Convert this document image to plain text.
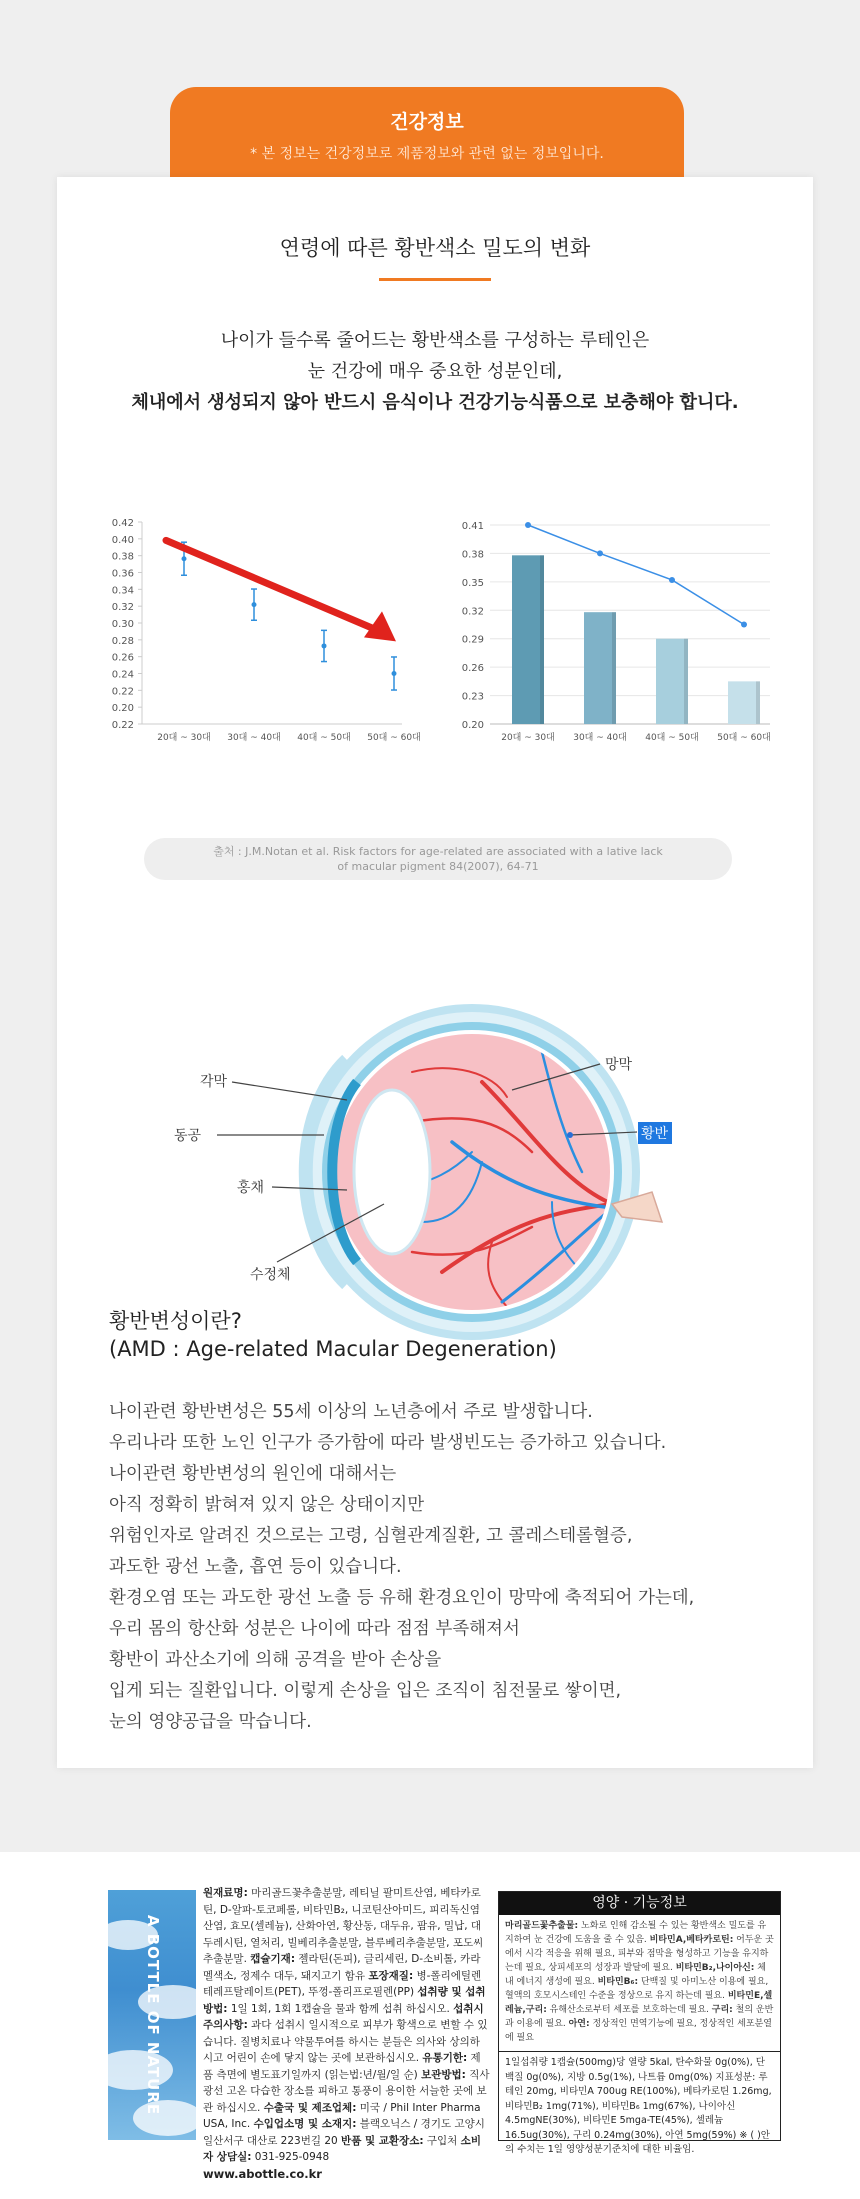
건강정보
* 본 정보는 건강정보로 제품정보와 관련 없는 정보입니다.
연령에 따른 황반색소 밀도의 변화
나이가 들수록 줄어드는 황반색소를 구성하는 루테인은
눈 건강에 매우 중요한 성분인데,
체내에서 생성되지 않아 반드시 음식이나 건강기능식품으로 보충해야 합니다.
0.42
0.40
0.38
0.36
0.34
0.32
0.30
0.28
0.26
0.24
0.22
0.20
0.22
20대 ~ 30대 30대 ~ 40대 40대 ~ 50대 50대 ~ 60대
0.41
0.38
0.35
0.32
0.29
0.26
0.23
0.20
20대 ~ 30대 30대 ~ 40대 40대 ~ 50대 50대 ~ 60대
출처 : J.M.Notan et al. Risk factors for age-related are associated with a lative lack
of macular pigment 84(2007), 64-71
각막
동공
홍채
수정체
망막
황반
황반변성이란?
(AMD : Age-related Macular Degeneration)
나이관련 황반변성은 55세 이상의 노년층에서 주로 발생합니다.
우리나라 또한 노인 인구가 증가함에 따라 발생빈도는 증가하고 있습니다.
나이관련 황반변성의 원인에 대해서는
아직 정확히 밝혀져 있지 않은 상태이지만
위험인자로 알려진 것으로는 고령, 심혈관계질환, 고 콜레스테롤혈증,
과도한 광선 노출, 흡연 등이 있습니다.
환경오염 또는 과도한 광선 노출 등 유해 환경요인이 망막에 축적되어 가는데,
우리 몸의 항산화 성분은 나이에 따라 점점 부족해져서
황반이 과산소기에 의해 공격을 받아 손상을
입게 되는 질환입니다. 이렇게 손상을 입은 조직이 침전물로 쌓이면,
눈의 영양공급을 막습니다.
A BOTTLE OF NATURE
원재료명: 마리골드꽃추출분말, 레티닐 팔미트산염, 베타카로틴, D-알파-토코페롤, 비타민B₂, 니코틴산아미드, 피리독신염산염, 효모(셀레늄), 산화아연, 황산동, 대두유, 팜유, 밀납, 대두레시틴, 열처리, 빌베리추출분말, 블루베리추출분말, 포도씨추출분말. 캡슐기재: 젤라틴(돈피), 글리세린, D-소비톨, 카라멜색소, 정제수 대두, 돼지고기 함유 포장재질: 병-폴리에틸렌테레프탈레이트(PET), 뚜껑-폴리프로필렌(PP) 섭취량 및 섭취방법: 1일 1회, 1회 1캡슐을 물과 함께 섭취 하십시오. 섭취시 주의사항: 과다 섭취시 일시적으로 피부가 황색으로 변할 수 있습니다. 질병치료나 약물투여를 하시는 분들은 의사와 상의하시고 어린이 손에 닿지 않는 곳에 보관하십시오. 유통기한: 제품 측면에 별도표기일까지 (읽는법:년/월/일 순) 보관방법: 직사광선 고온 다습한 장소를 피하고 통풍이 용이한 서늘한 곳에 보관 하십시오. 수출국 및 제조업체: 미국 / Phil Inter Pharma USA, Inc. 수입업소명 및 소재지: 블랙오닉스 / 경기도 고양시 일산서구 대산로 223번길 20 반품 및 교환장소: 구입처 소비자 상담실: 031-925-0948
www.abottle.co.kr
영양 · 기능정보
마리골드꽃추출물: 노화로 인해 감소될 수 있는 황반색소 밀도를 유지하여 눈 건강에 도움을 줄 수 있음. 비타민A,베타카로틴: 어두운 곳에서 시각 적응을 위해 필요, 피부와 점막을 형성하고 기능을 유지하는데 필요, 상피세포의 성장과 발달에 필요. 비타민B₂,나이아신: 체내 에너지 생성에 필요. 비타민B₆: 단백질 및 아미노산 이용에 필요, 혈액의 호모시스테인 수준을 정상으로 유지 하는데 필요. 비타민E,셀레늄,구리: 유해산소로부터 세포를 보호하는데 필요. 구리: 철의 운반과 이용에 필요. 아연: 정상적인 면역기능에 필요, 정상적인 세포분열에 필요
1일섭취량 1캡슐(500mg)당 열량 5kal, 탄수화물 0g(0%), 단백질 0g(0%), 지방 0.5g(1%), 나트륨 0mg(0%) 지표성분: 루테인 20mg, 비타민A 700ug RE(100%), 베타카로틴 1.26mg, 비타민B₂ 1mg(71%), 비타민B₆ 1mg(67%), 나이아신 4.5mgNE(30%), 비타민E 5mga-TE(45%), 셀레늄 16.5ug(30%), 구리 0.24mg(30%), 아연 5mg(59%) ※ ( )안의 수치는 1일 영양성분기준치에 대한 비율임.
